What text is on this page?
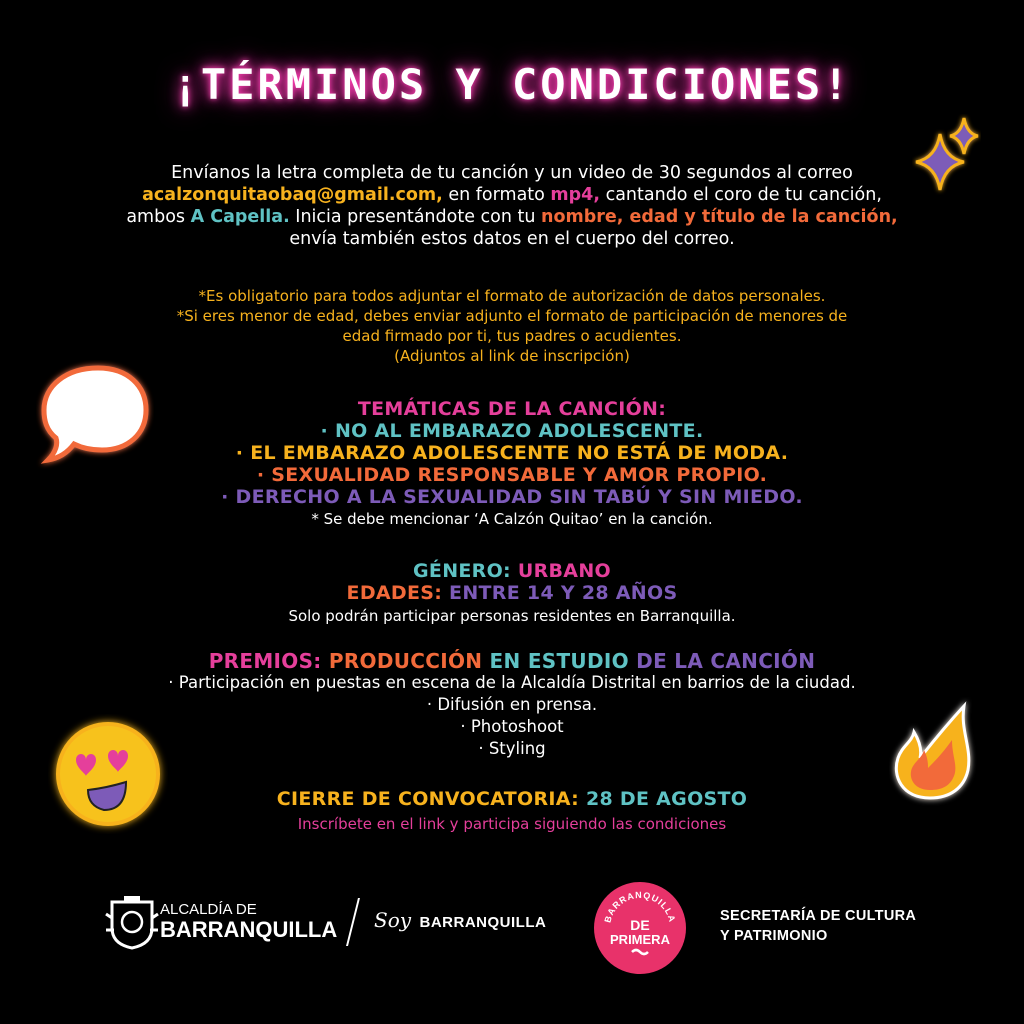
¡TÉRMINOS Y CONDICIONES!
Envíanos la letra completa de tu canción y un video de 30 segundos al correo
acalzonquitaobaq@gmail.com, en formato mp4, cantando el coro de tu canción,
ambos A Capella. Inicia presentándote con tu nombre, edad y título de la canción,
envía también estos datos en el cuerpo del correo.
*Es obligatorio para todos adjuntar el formato de autorización de datos personales.
*Si eres menor de edad, debes enviar adjunto el formato de participación de menores de
edad firmado por ti, tus padres o acudientes.
(Adjuntos al link de inscripción)
TEMÁTICAS DE LA CANCIÓN:
· NO AL EMBARAZO ADOLESCENTE.
· EL EMBARAZO ADOLESCENTE NO ESTÁ DE MODA.
· SEXUALIDAD RESPONSABLE Y AMOR PROPIO.
· DERECHO A LA SEXUALIDAD SIN TABÚ Y SIN MIEDO.
* Se debe mencionar ‘A Calzón Quitao’ en la canción.
GÉNERO: URBANO
EDADES: ENTRE 14 Y 28 AÑOS
Solo podrán participar personas residentes en Barranquilla.
PREMIOS: PRODUCCIÓN EN ESTUDIO DE LA CANCIÓN
· Participación en puestas en escena de la Alcaldía Distrital en barrios de la ciudad.
· Difusión en prensa.
· Photoshoot
· Styling
CIERRE DE CONVOCATORIA: 28 DE AGOSTO
Inscríbete en el link y participa siguiendo las condiciones
ALCALDÍA DE
BARRANQUILLA Soy BARRANQUILLA	BARRANQUILLA
DE
PRIMERA
SECRETARÍA DE CULTURA
Y PATRIMONIO
